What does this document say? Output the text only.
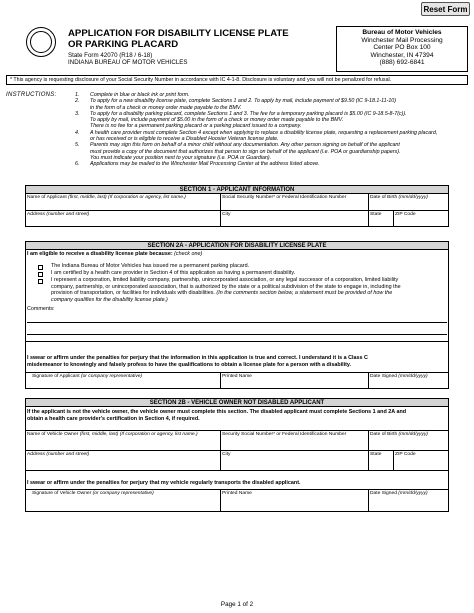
Reset Form
APPLICATION FOR DISABILITY LICENSE PLATE
OR PARKING PLACARD
State Form 42070 (R18 / 6-18)
INDIANA BUREAU OF MOTOR VEHICLES
Bureau of Motor Vehicles
Winchester Mail Processing
Center PO Box 100
Winchester, IN 47394
(888) 692-6841
* This agency is requesting disclosure of your Social Security Number in accordance with IC 4-1-8. Disclosure is voluntary and you will not be penalized for refusal.
INSTRUCTIONS:	1.	Complete in blue or black ink or print form.
2.	To apply for a new disability license plate, complete Sections 1 and 2. To apply by mail, include payment of $9.50 (IC 9-18.1-11-10)
in the form of a check or money order made payable to the BMV.
3.	To apply for a disability parking placard, complete Sections 1 and 3. The fee for a temporary parking placard is $5.00 (IC 9-18.5-8-7(c)).
To apply by mail, include payment of $5.00 in the form of a check or money order made payable to the BMV.
There is no fee for a permanent parking placard or a parking placard issued to a company.
4.	A health care provider must complete Section 4 except when applying to replace a disability license plate, requesting a replacement parking placard,
or has received or is eligible to receive a Disabled Hoosier Veteran license plate.
5.	Parents may sign this form on behalf of a minor child without any documentation. Any other person signing on behalf of the applicant
must provide a copy of the document that authorizes that person to sign on behalf of the applicant (i.e. POA or guardianship papers).
You must indicate your position next to your signature (i.e. POA or Guardian).
6.	Applications may be mailed to the Winchester Mail Processing Center at the address listed above.
SECTION 1 - APPLICANT INFORMATION
Name of Applicant (first, middle, last) (If corporation or agency, list name.)	Social Security Number* or Federal Identification Number	Date of Birth (mm/dd/yyyy)
Address (number and street)	City	State	ZIP Code
SECTION 2A - APPLICATION FOR DISABILITY LICENSE PLATE
I am eligible to receive a disability license plate because: (check one)
The Indiana Bureau of Motor Vehicles has issued me a permanent parking placard.
I am certified by a health care provider in Section 4 of this application as having a permanent disability.
I represent a corporation, limited liability company, partnership, unincorporated association, or any legal successor of a corporation, limited liability
company, partnership, or unincorporated association, that is authorized by the state or a political subdivision of the state to engage in, including the
provision of transportation, or facilities for individuals with disabilities. (In the comments section below, a statement must be provided of how the
company qualifies for the disability license plate.)
Comments:
I swear or affirm under the penalties for perjury that the information in this application is true and correct. I understand it is a Class C
misdemeanor to knowingly and falsely profess to have the qualifications to obtain a license plate for a person with a disability.
Signature of Applicant (or company representative)	Printed Name	Date Signed (mm/dd/yyyy)
SECTION 2B - VEHICLE OWNER NOT DISABLED APPLICANT
If the applicant is not the vehicle owner, the vehicle owner must complete this section. The disabled applicant must complete Sections 1 and 2A and
obtain a health care provider's certification in Section 4, if required.
Name of Vehicle Owner (first, middle, last) (If corporation or agency, list name.)	Security Social Number* or Federal Identification Number	Date of Birth (mm/dd/yyyy)
Address (number and street)	City	State	ZIP Code
I swear or affirm under the penalties for perjury that my vehicle regularly transports the disabled applicant.
Signature of Vehicle Owner (or company representative)	Printed Name	Date Signed (mm/dd/yyyy)
Page 1 of 2
